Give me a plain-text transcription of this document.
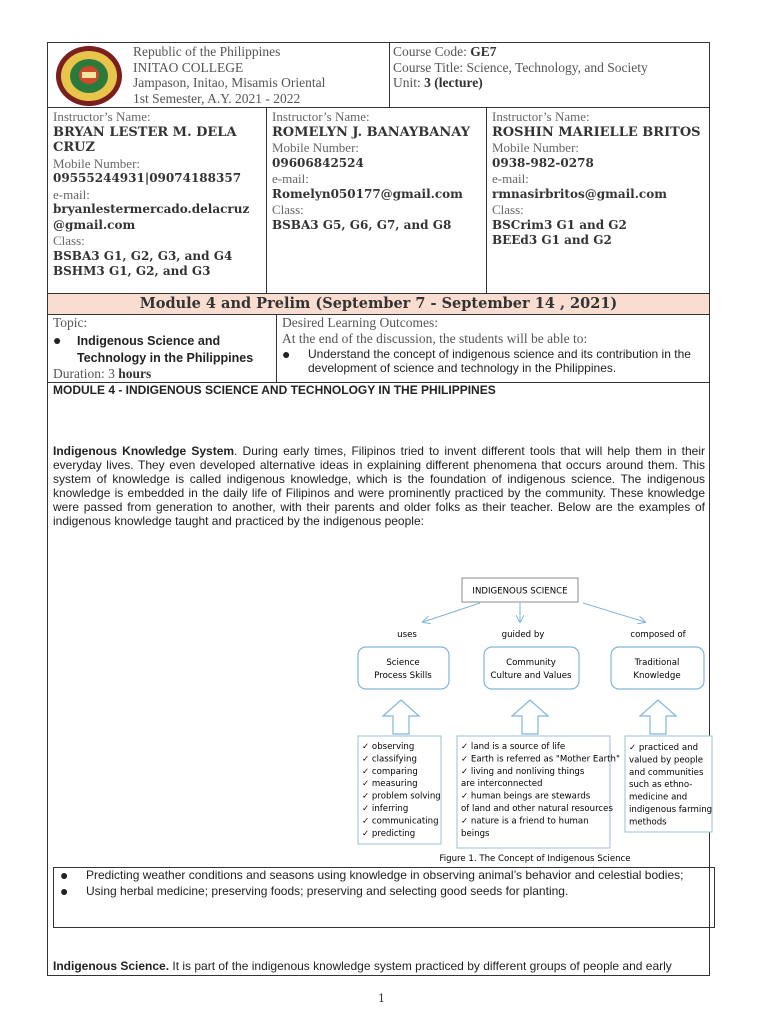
Republic of the Philippines
INITAO COLLEGE
Jampason, Initao, Misamis Oriental
1st Semester, A.Y. 2021 - 2022
Course Code: GE7
Course Title: Science, Technology, and Society
Unit: 3 (lecture)
Instructor’s Name:
BRYAN LESTER M. DELA CRUZ
Mobile Number:
09555244931|09074188357
e-mail:
bryanlestermercado.delacruz@gmail.com
Class:
BSBA3 G1, G2, G3, and G4
BSHM3 G1, G2, and G3
Instructor’s Name:
ROMELYN J. BANAYBANAY
Mobile Number:
09606842524
e-mail:
Romelyn050177@gmail.com
Class:
BSBA3 G5, G6, G7, and G8
Instructor’s Name:
ROSHIN MARIELLE BRITOS
Mobile Number:
0938-982-0278
e-mail:
rmnasirbritos@gmail.com
Class:
BSCrim3 G1 and G2
BEEd3 G1 and G2
Module 4 and Prelim (September 7 - September 14 , 2021)
Topic:
●	Indigenous Science and Technology in the Philippines
Duration: 3 hours
Desired Learning Outcomes:
At the end of the discussion, the students will be able to:
●	Understand the concept of indigenous science and its contribution in the development of science and technology in the Philippines.
MODULE 4 - INDIGENOUS SCIENCE AND TECHNOLOGY IN THE PHILIPPINES
Indigenous Knowledge System. During early times, Filipinos tried to invent different tools that will help them in their everyday lives. They even developed alternative ideas in explaining different phenomena that occurs around them. This system of knowledge is called indigenous knowledge, which is the foundation of indigenous science. The indigenous knowledge is embedded in the daily life of Filipinos and were prominently practiced by the community. These knowledge were passed from generation to another, with their parents and older folks as their teacher. Below are the examples of indigenous knowledge taught and practiced by the indigenous people:
INDIGENOUS SCIENCE
uses	guided by	composed of
Science
Process Skills
Community
Culture and Values
Traditional
Knowledge
✓ observing
✓ classifying
✓ comparing
✓ measuring
✓ problem solving
✓ inferring
✓ communicating
✓ predicting
✓ land is a source of life
✓ Earth is referred as "Mother Earth"
✓ living and nonliving things
are interconnected
✓ human beings are stewards
of land and other natural resources
✓ nature is a friend to human
beings
✓ practiced and
valued by people
and communities
such as ethno-
medicine and
indigenous farming
methods
Figure 1. The Concept of Indigenous Science
●	Predicting weather conditions and seasons using knowledge in observing animal’s behavior and celestial bodies;
●	Using herbal medicine; preserving foods; preserving and selecting good seeds for planting.
Indigenous Science. It is part of the indigenous knowledge system practiced by different groups of people and early
1
